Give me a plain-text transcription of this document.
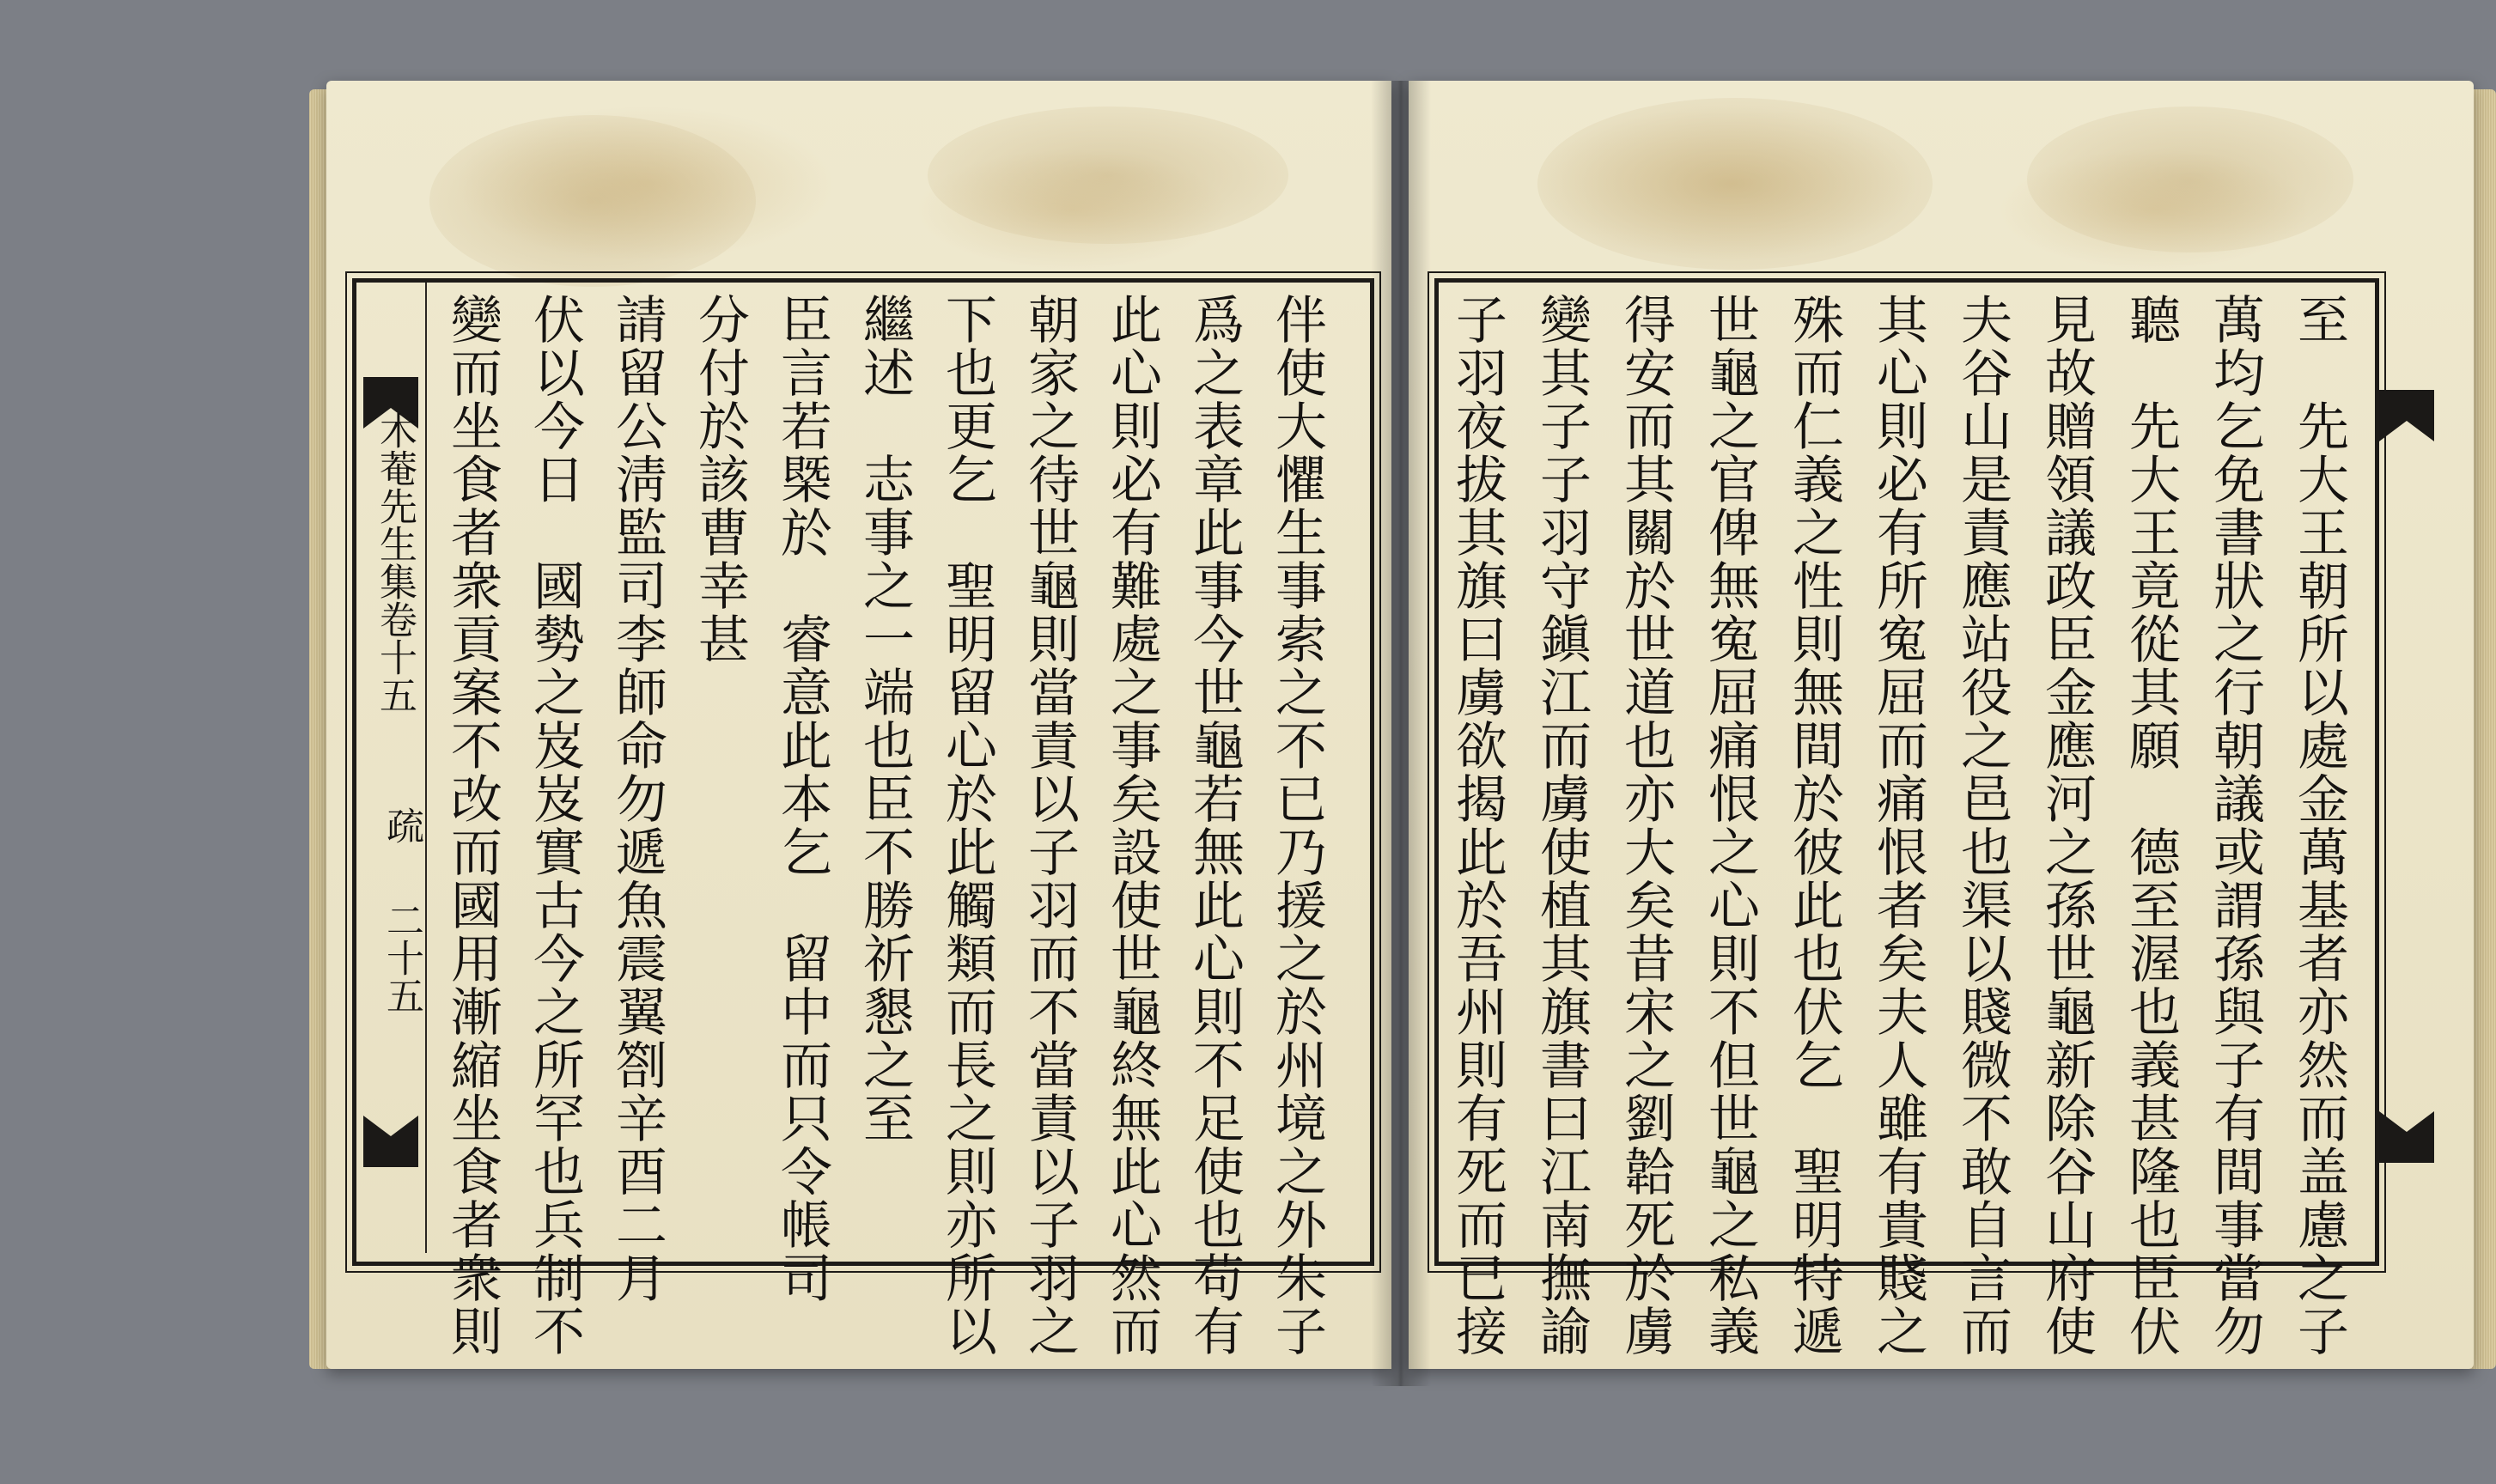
木菴先生集卷十五
疏
二十五 變而坐食者衆貢案不改而國用漸縮坐食者衆則 伏以今日　國勢之岌岌實古今之所罕也兵制不 請留公淸監司李師命勿遞魚震翼劄辛酉二月 分付於該曹幸甚 臣言若槩於　睿意此本乞　留中而只令帳司 繼述　志事之一端也臣不勝祈懇之至 下也更乞　聖明留心於此觸類而長之則亦所以 朝家之待世龜則當責以子羽而不當責以子羽之 此心則必有難處之事矣設使世龜終無此心然而 爲之表章此事今世龜若無此心則不足使也苟有 伴使大懼生事索之不已乃援之於州境之外朱子 子羽夜拔其旗曰虜欲揭此於吾州則有死而已接 變其子子羽守鎭江而虜使植其旗書曰江南撫諭 得安而其關於世道也亦大矣昔宋之劉韐死於虜 世龜之官俾無寃屈痛恨之心則不但世龜之私義 殊而仁義之性則無間於彼此也伏乞　聖明特遞 其心則必有所寃屈而痛恨者矣夫人雖有貴賤之 夫谷山是責應站役之邑也渠以賤微不敢自言而 見故贈領議政臣金應河之孫世龜新除谷山府使 聽　先大王竟從其願　德至渥也義甚隆也臣伏 萬均乞免書狀之行朝議或謂孫與子有間事當勿 至　先大王朝所以處金萬基者亦然而盖慮之子
